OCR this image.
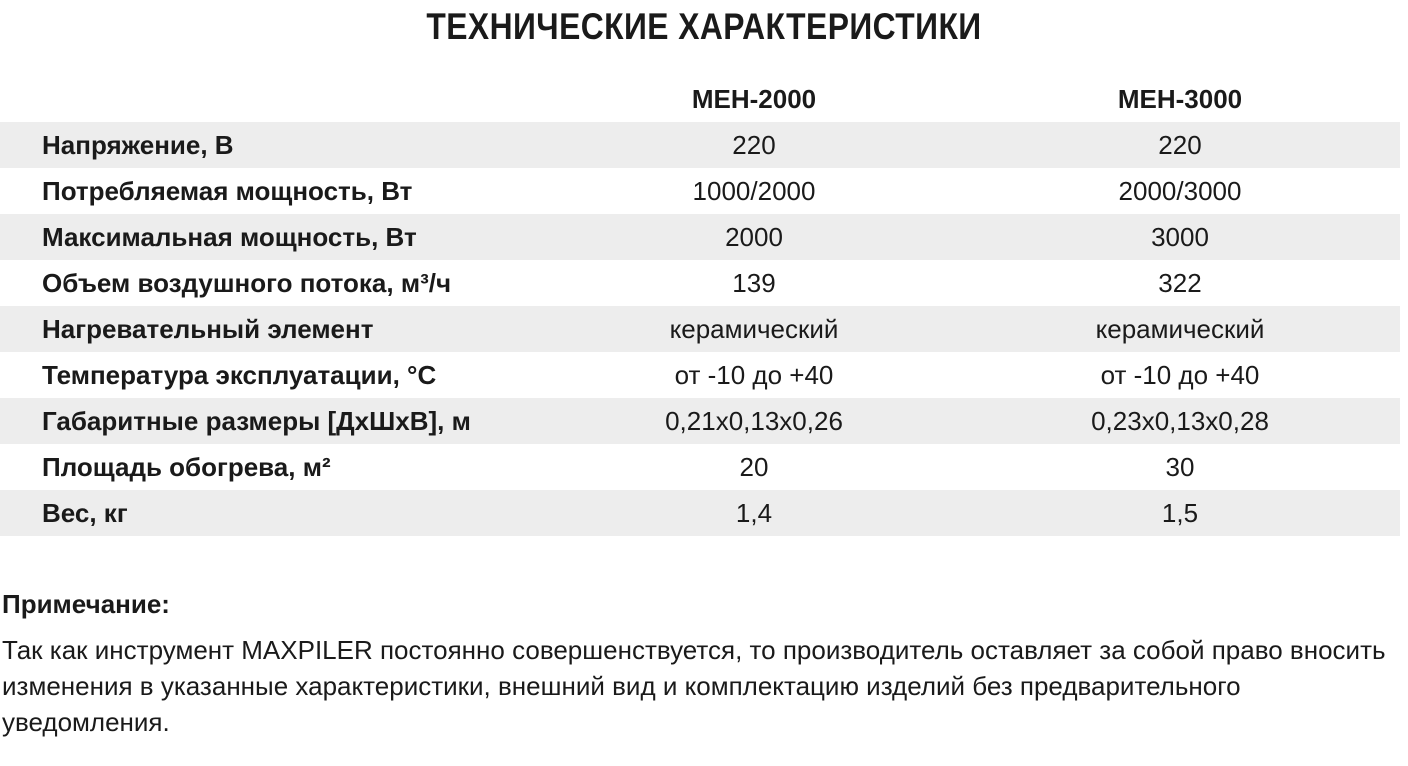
ТЕХНИЧЕСКИЕ ХАРАКТЕРИСТИКИ
	МЕН-2000	МЕН-3000
Напряжение, В	220	220
Потребляемая мощность, Вт	1000/2000	2000/3000
Максимальная мощность, Вт	2000	3000
Объем воздушного потока, м³/ч	139	322
Нагревательный элемент	керамический	керамический
Температура эксплуатации, °С	от -10 до +40	от -10 до +40
Габаритные размеры [ДхШхВ], м	0,21х0,13х0,26	0,23х0,13х0,28
Площадь обогрева, м²	20	30
Вес, кг	1,4	1,5
Примечание:
Так как инструмент MAXPILER постоянно совершенствуется, то производитель оставляет за собой право вносить изменения в указанные характеристики, внешний вид и комплектацию изделий без предварительного уведомления.
